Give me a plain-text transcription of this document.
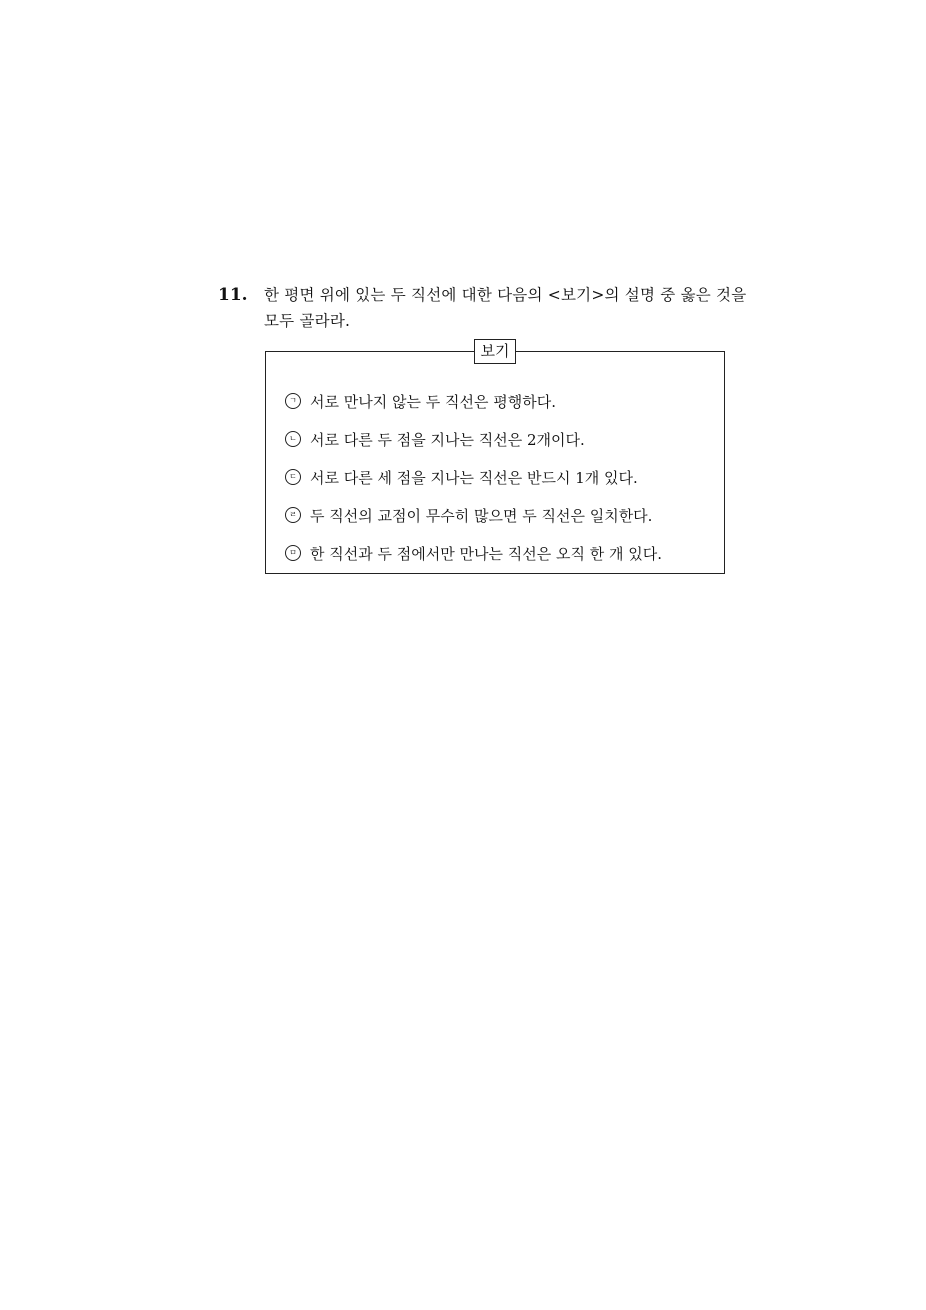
11. 한 평면 위에 있는 두 직선에 대한 다음의 <보기>의 설명 중 옳은 것을
모두 골라라.
보기
ㄱ 서로 만나지 않는 두 직선은 평행하다.
ㄴ 서로 다른 두 점을 지나는 직선은 2개이다.
ㄷ 서로 다른 세 점을 지나는 직선은 반드시 1개 있다.
ㄹ 두 직선의 교점이 무수히 많으면 두 직선은 일치한다.
ㅁ 한 직선과 두 점에서만 만나는 직선은 오직 한 개 있다.
